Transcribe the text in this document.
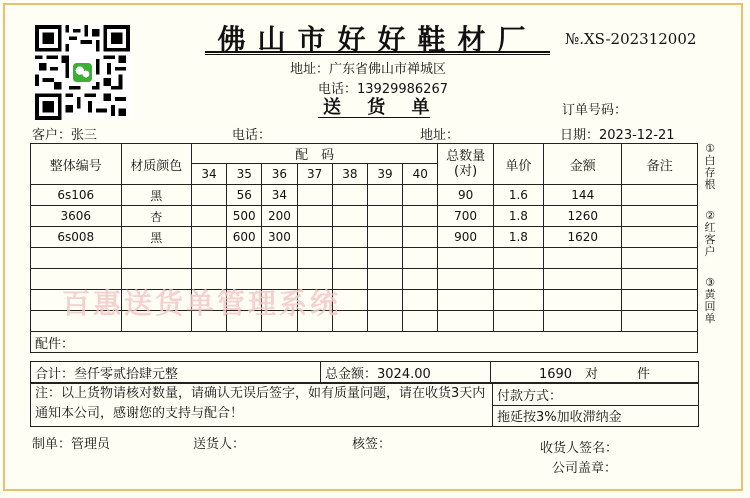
佛山市好好鞋材厂	№.XS-202312002
地址：广东省佛山市禅城区
电话：13929986267
送 货 单	订单号码：
客户：张三	电话：	地址：	日期：2023-12-21
①白存根
②红客户
③黄回单
整体编号	材质颜色	配　码							总数量(对)	单价	金额	备注
		34	35	36	37	38	39	40				
6s106	黑		56	34					90	1.6	144	
3606	杏		500	200					700	1.8	1260	
6s008	黑		600	300					900	1.8	1620	

配件：												
合计：叁仟零贰拾肆元整	总金额：3024.00	1690　对　　　件
注：以上货物请核对数量，请确认无误后签字，如有质量问题，请在收货3天内通知本公司，感谢您的支持与配合！	付款方式：
拖延按3%加收滞纳金
百惠送货单管理系统
制单：管理员	送货人：	核签：	收货人签名：
公司盖章：
